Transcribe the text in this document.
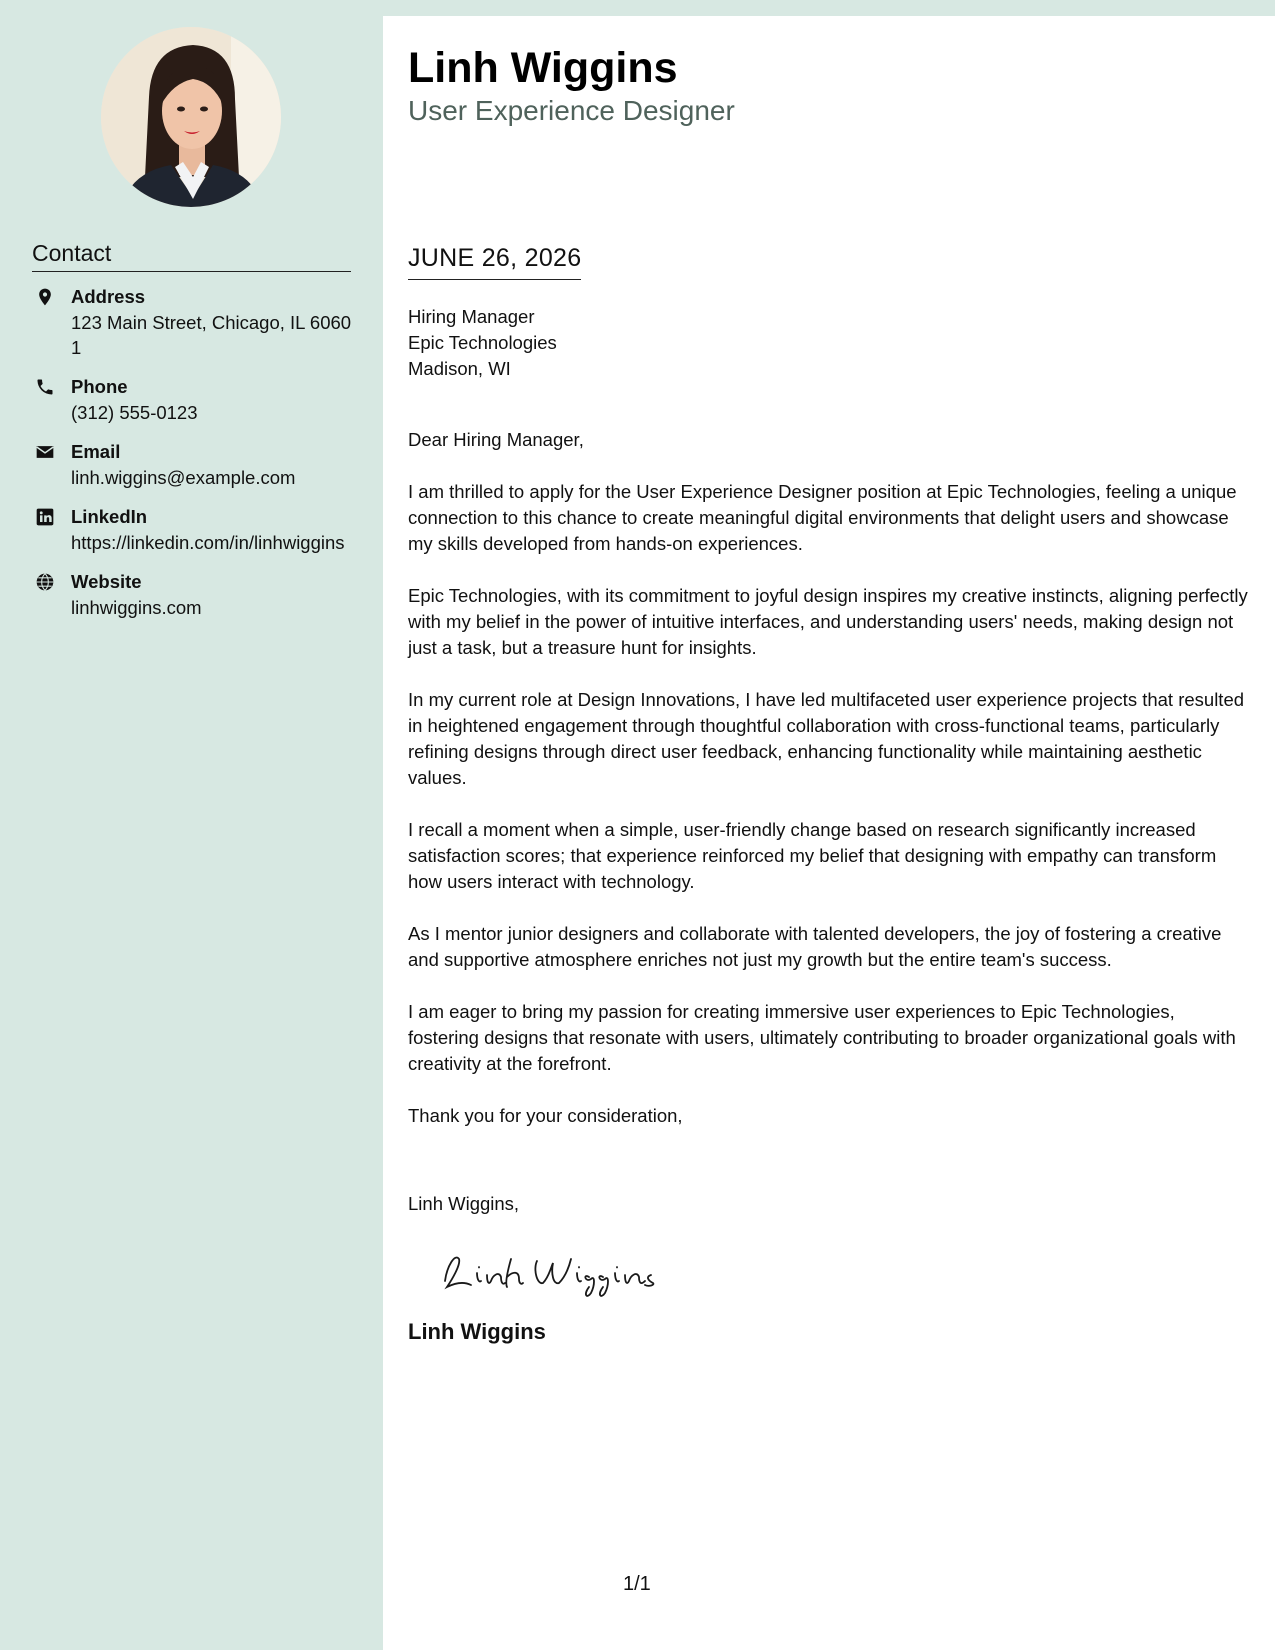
Contact
Address
123 Main Street, Chicago, IL 60601
Phone
(312) 555-0123
Email
linh.wiggins@example.com
LinkedIn
https://linkedin.com/in/linhwiggins
Website
linhwiggins.com
Linh Wiggins
User Experience Designer
JUNE 26, 2026
Hiring Manager
Epic Technologies
Madison, WI

Dear Hiring Manager,

I am thrilled to apply for the User Experience Designer position at Epic Technologies, feeling a unique connection to this chance to create meaningful digital environments that delight users and showcase my skills developed from hands-on experiences.

Epic Technologies, with its commitment to joyful design inspires my creative instincts, aligning perfectly with my belief in the power of intuitive interfaces, and understanding users' needs, making design not just a task, but a treasure hunt for insights.

In my current role at Design Innovations, I have led multifaceted user experience projects that resulted in heightened engagement through thoughtful collaboration with cross-functional teams, particularly refining designs through direct user feedback, enhancing functionality while maintaining aesthetic values.

I recall a moment when a simple, user-friendly change based on research significantly increased satisfaction scores; that experience reinforced my belief that designing with empathy can transform how users interact with technology.

As I mentor junior designers and collaborate with talented developers, the joy of fostering a creative and supportive atmosphere enriches not just my growth but the entire team's success.

I am eager to bring my passion for creating immersive user experiences to Epic Technologies, fostering designs that resonate with users, ultimately contributing to broader organizational goals with creativity at the forefront.

Thank you for your consideration,

Linh Wiggins,
Linh Wiggins
1/1
